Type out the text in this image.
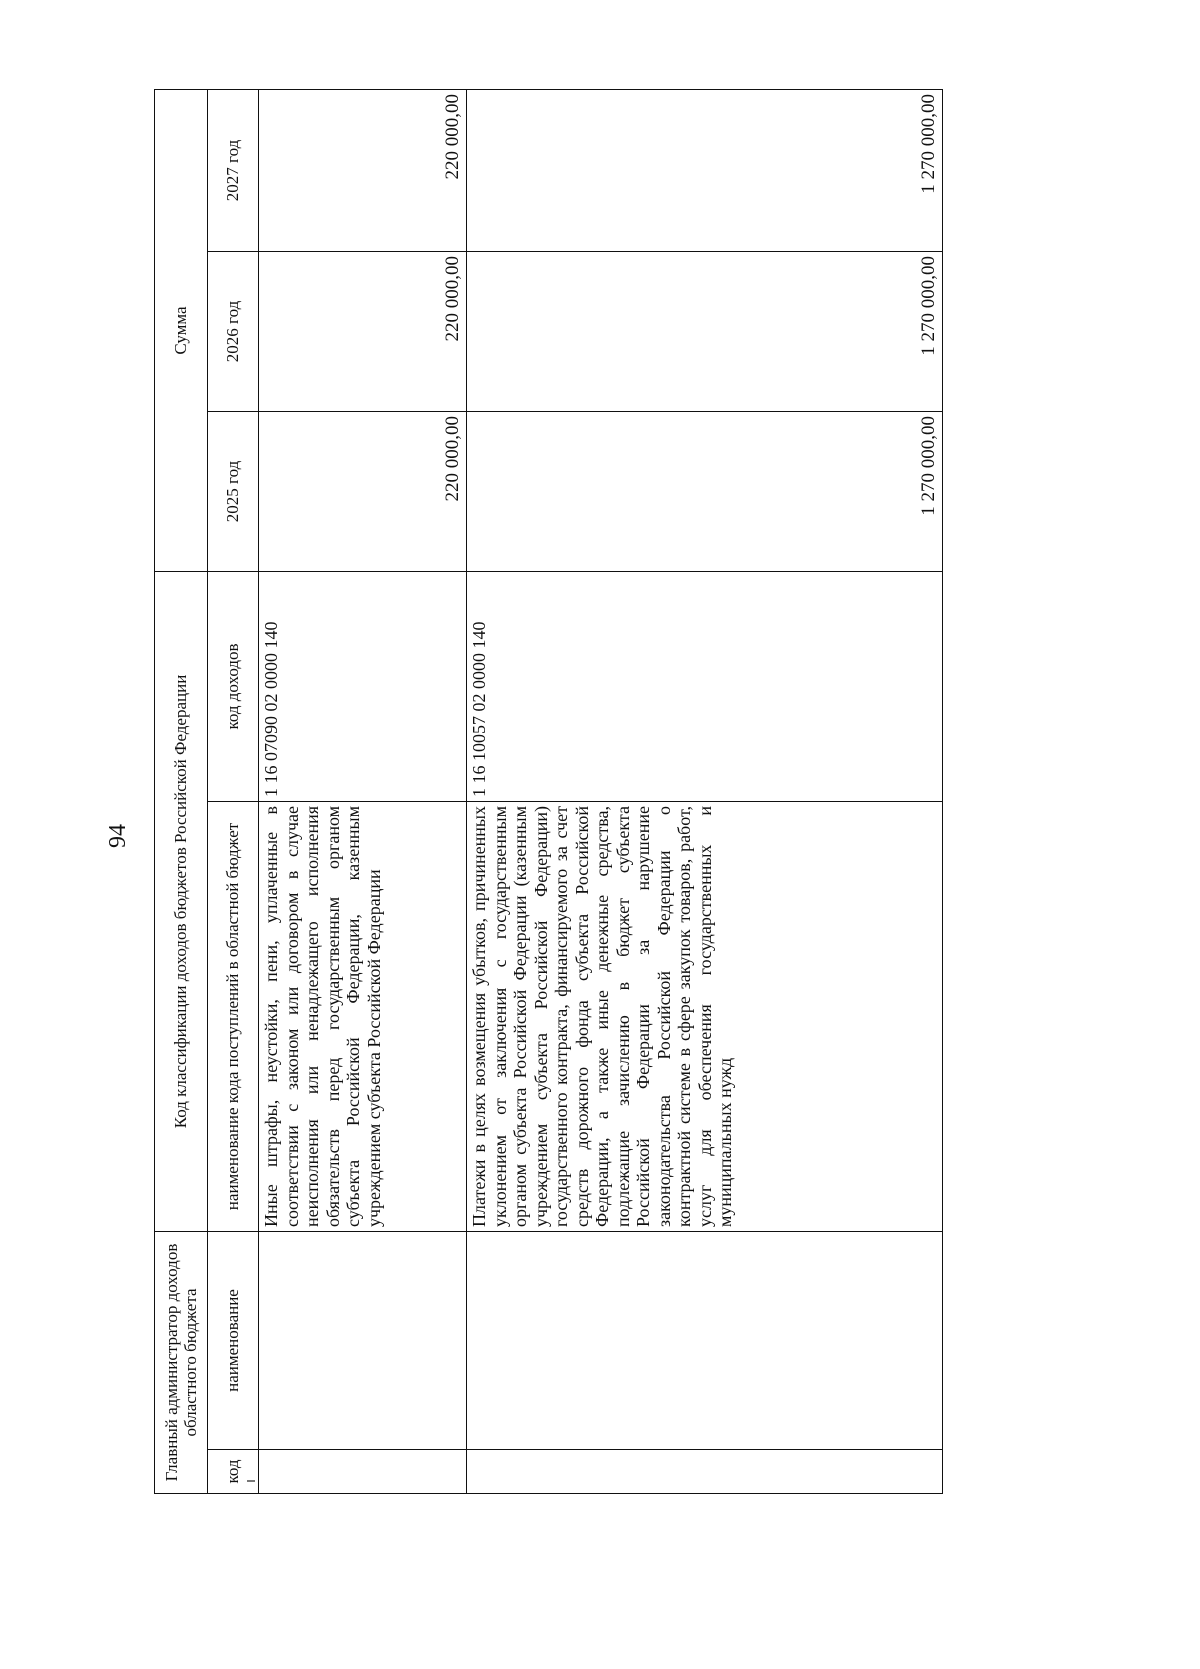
94
Главный администратор доходов областного бюджета		Код классификации доходов бюджетов Российской Федерации		Сумма		
код	наименование	наименование кода поступлений в областной бюджет	код доходов	2025 год	2026 год	2027 год
		Иные штрафы, неустойки, пени, уплаченные в соответствии с законом или договором в случае неисполнения или ненадлежащего исполнения обязательств перед государственным органом субъекта Российской Федерации, казенным учреждением субъекта Российской Федерации	1 16 07090 02 0000 140	220 000,00	220 000,00	220 000,00
		Платежи в целях возмещения убытков, причиненных уклонением от заключения с государственным органом субъекта Российской Федерации (казенным учреждением субъекта Российской Федерации) государственного контракта, финансируемого за счет средств дорожного фонда субъекта Российской Федерации, а также иные денежные средства, подлежащие зачислению в бюджет субъекта Российской Федерации за нарушение законодательства Российской Федерации о контрактной системе в сфере закупок товаров, работ, услуг для обеспечения государственных и муниципальных нужд	1 16 10057 02 0000 140	1 270 000,00	1 270 000,00	1 270 000,00
